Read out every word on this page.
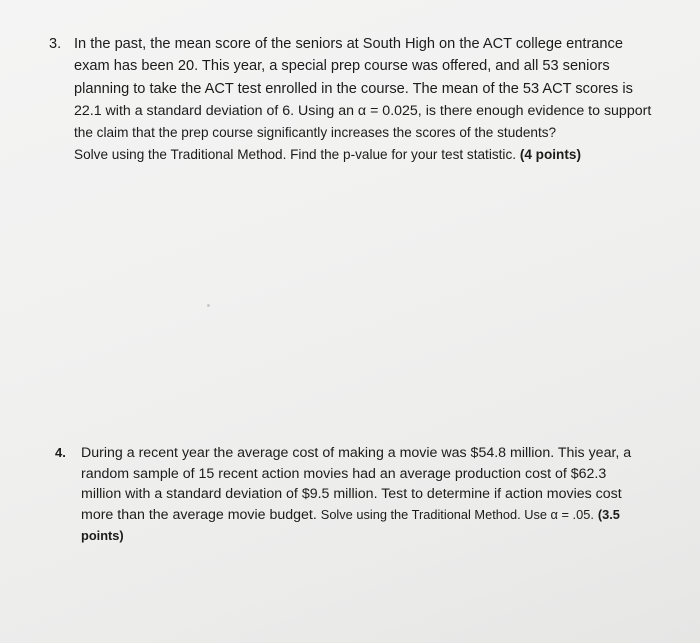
3. In the past, the mean score of the seniors at South High on the ACT college entrance
exam has been 20. This year, a special prep course was offered, and all 53 seniors
planning to take the ACT test enrolled in the course. The mean of the 53 ACT scores is
22.1 with a standard deviation of 6. Using an α = 0.025, is there enough evidence to support
the claim that the prep course significantly increases the scores of the students?
Solve using the Traditional Method. Find the p-value for your test statistic. (4 points)
4. During a recent year the average cost of making a movie was $54.8 million. This year, a
random sample of 15 recent action movies had an average production cost of $62.3
million with a standard deviation of $9.5 million. Test to determine if action movies cost
more than the average movie budget. Solve using the Traditional Method. Use α = .05. (3.5
points)
